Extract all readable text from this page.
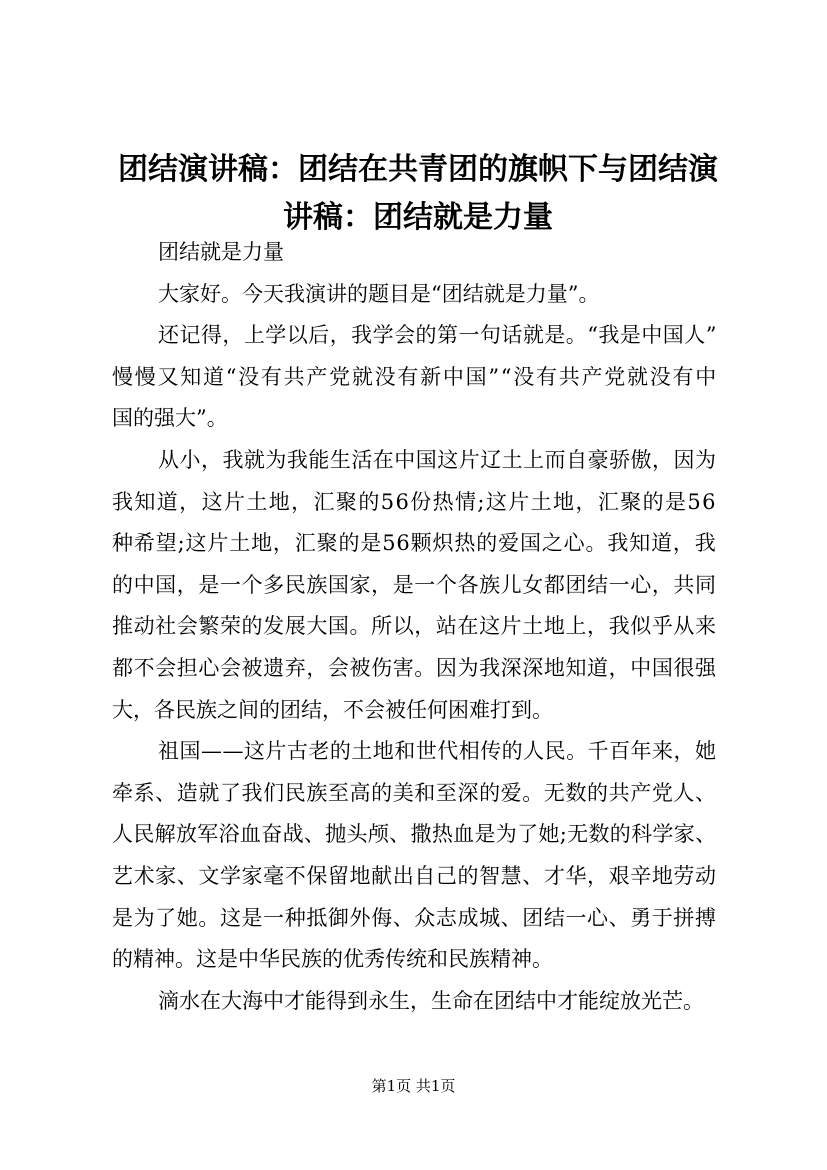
团结演讲稿：团结在共青团的旗帜下与团结演
讲稿：团结就是力量
团结就是力量
大家好。今天我演讲的题目是“团结就是力量”。
还记得，上学以后，我学会的第一句话就是。“我是中国人”
慢慢又知道“没有共产党就没有新中国”“没有共产党就没有中
国的强大”。
从小，我就为我能生活在中国这片辽土上而自豪骄傲，因为
我知道，这片土地，汇聚的56份热情;这片土地，汇聚的是56
种希望;这片土地，汇聚的是56颗炽热的爱国之心。我知道，我
的中国，是一个多民族国家，是一个各族儿女都团结一心，共同
推动社会繁荣的发展大国。所以，站在这片土地上，我似乎从来
都不会担心会被遗弃，会被伤害。因为我深深地知道，中国很强
大，各民族之间的团结，不会被任何困难打到。
祖国——这片古老的土地和世代相传的人民。千百年来，她
牵系、造就了我们民族至高的美和至深的爱。无数的共产党人、
人民解放军浴血奋战、抛头颅、撒热血是为了她;无数的科学家、
艺术家、文学家毫不保留地献出自己的智慧、才华，艰辛地劳动
是为了她。这是一种抵御外侮、众志成城、团结一心、勇于拼搏
的精神。这是中华民族的优秀传统和民族精神。
滴水在大海中才能得到永生，生命在团结中才能绽放光芒。
第1页 共1页
